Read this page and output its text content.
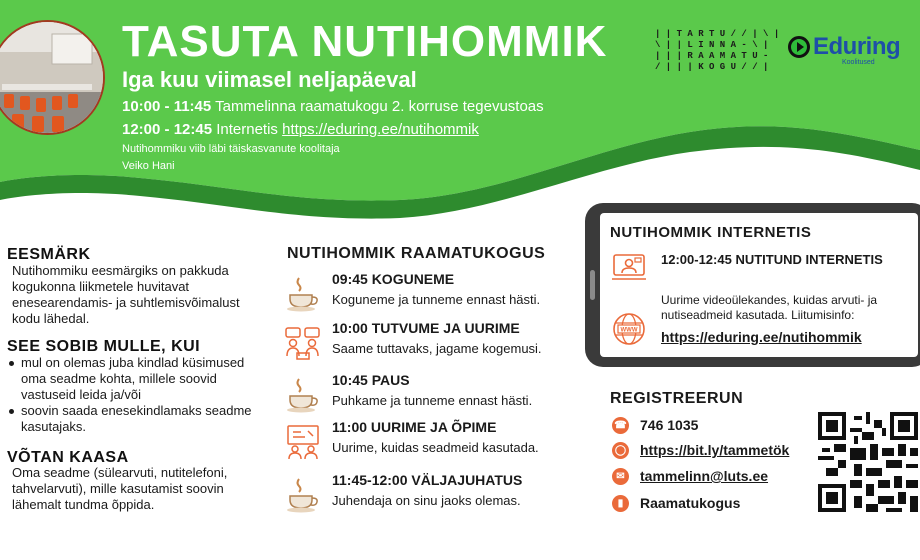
TASUTA NUTIHOMMIK
Iga kuu viimasel neljapäeval
10:00 - 11:45 Tammelinna raamatukogu 2. korruse tegevustoas
12:00 - 12:45 Internetis https://eduring.ee/nutihommik
Nutihommiku viib läbi täiskasvanute koolitaja
Veiko Hani
| | T A R T U / / | \ |
\ | | L I N N A - \ |
| | | R A A M A T U -
/ | | | K O G U / / |
Eduring
Koolitused
EESMÄRK
Nutihommiku eesmärgiks on pakkuda kogukonna liikmetele huvitavat enesearendamis- ja suhtlemisvõimalust kodu lähedal.
SEE SOBIB MULLE, KUI
mul on olemas juba kindlad küsimused oma seadme kohta, millele soovid vastuseid leida ja/või
soovin saada enesekindlamaks seadme kasutajaks.
VÕTAN KAASA
Oma seadme (sülearvuti, nutitelefoni, tahvelarvuti), mille kasutamist soovin lähemalt tundma õppida.
NUTIHOMMIK RAAMATUKOGUS
09:45 KOGUNEME
Koguneme ja tunneme ennast hästi.
10:00 TUTVUME JA UURIME
Saame tuttavaks, jagame kogemusi.
10:45 PAUS
Puhkame ja tunneme ennast hästi.
11:00 UURIME JA ÕPIME
Uurime, kuidas seadmeid kasutada.
11:45-12:00 VÄLJAJUHATUS
Juhendaja on sinu jaoks olemas.
NUTIHOMMIK INTERNETIS
12:00-12:45 NUTITUND INTERNETIS
WWW
Uurime videoülekandes, kuidas arvuti- ja nutiseadmeid kasutada. Liitumisinfo:
https://eduring.ee/nutihommik
REGISTREERUN
☎ 746 1035
◯ https://bit.ly/tammetök
✉	tammelinn@luts.ee
▮	Raamatukogus
